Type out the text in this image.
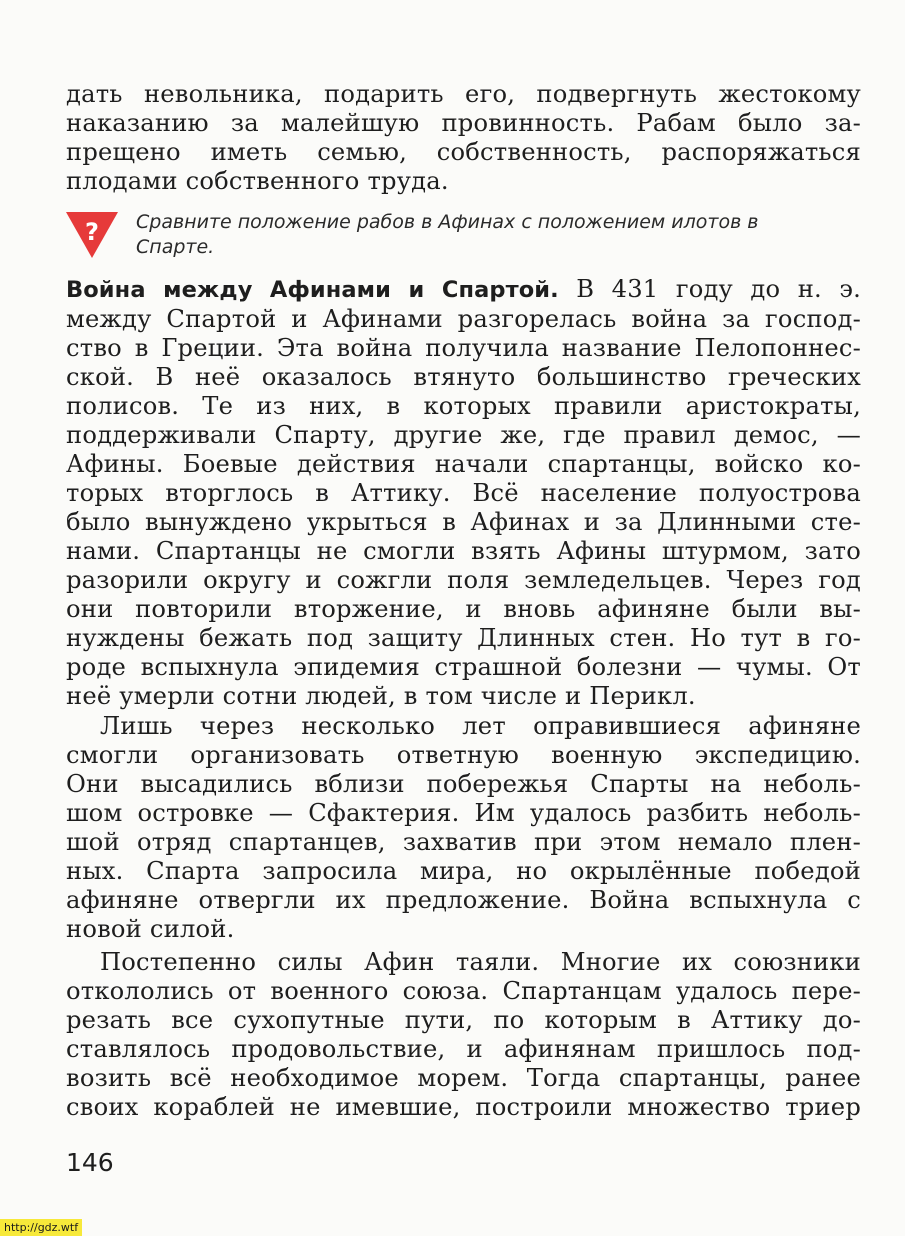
дать невольника, подарить его, подвергнуть жестокому
наказанию за малейшую провинность. Рабам было за-
прещено иметь семью, собственность, распоряжаться
плодами собственного труда.
? Сравните положение рабов в Афинах с положением илотов в
Спарте.
Война между Афинами и Спартой. В 431 году до н. э.
между Спартой и Афинами разгорелась война за господ-
ство в Греции. Эта война получила название Пелопоннес-
ской. В неё оказалось втянуто большинство греческих
полисов. Те из них, в которых правили аристократы,
поддерживали Спарту, другие же, где правил демос, —
Афины. Боевые действия начали спартанцы, войско ко-
торых вторглось в Аттику. Всё население полуострова
было вынуждено укрыться в Афинах и за Длинными сте-
нами. Спартанцы не смогли взять Афины штурмом, зато
разорили округу и сожгли поля земледельцев. Через год
они повторили вторжение, и вновь афиняне были вы-
нуждены бежать под защиту Длинных стен. Но тут в го-
роде вспыхнула эпидемия страшной болезни — чумы. От
неё умерли сотни людей, в том числе и Перикл.
Лишь через несколько лет оправившиеся афиняне
смогли организовать ответную военную экспедицию.
Они высадились вблизи побережья Спарты на неболь-
шом островке — Сфактерия. Им удалось разбить неболь-
шой отряд спартанцев, захватив при этом немало плен-
ных. Спарта запросила мира, но окрылённые победой
афиняне отвергли их предложение. Война вспыхнула с
новой силой.
Постепенно силы Афин таяли. Многие их союзники
откололись от военного союза. Спартанцам удалось пере-
резать все сухопутные пути, по которым в Аттику до-
ставлялось продовольствие, и афинянам пришлось под-
возить всё необходимое морем. Тогда спартанцы, ранее
своих кораблей не имевшие, построили множество триер
146
http://gdz.wtf
